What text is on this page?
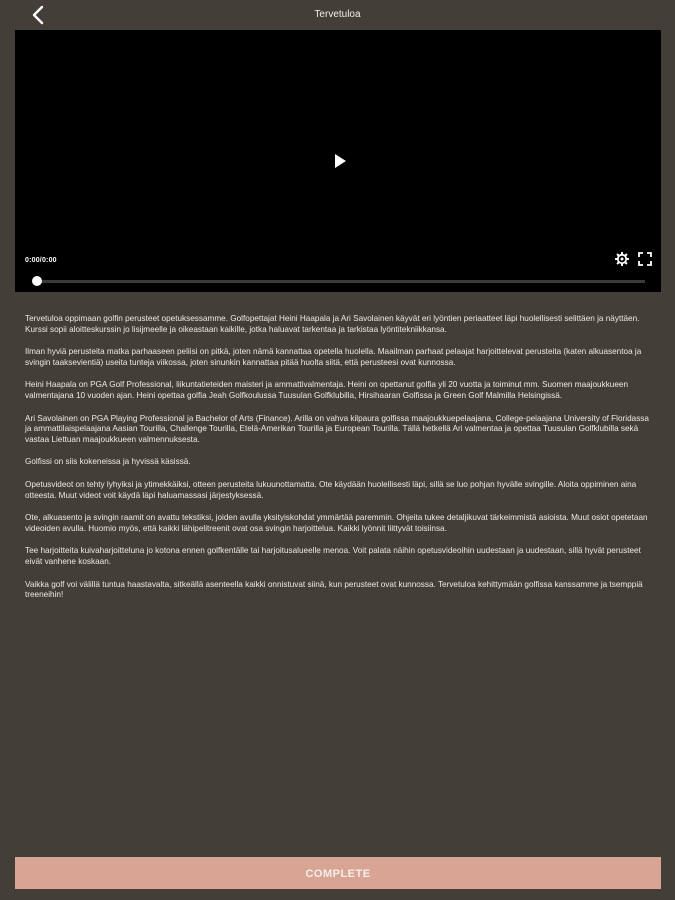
Tervetuloa
0:00/0:00

Tervetuloa oppimaan golfin perusteet opetuksessamme. Golfopettajat Heini Haapala ja Ari Savolainen käyvät eri lyöntien periaatteet läpi huolellisesti selittäen ja näyttäen. Kurssi sopii aloitteskurssin jo lisijmeelle ja oikeastaan kaikille, jotka haluavat tarkentaa ja tarkistaa lyöntitekniikkansa.

Ilman hyviä perusteita matka parhaaseen peliisi on pitkä, joten nämä kannattaa opetella huolella. Maailman parhaat pelaajat harjoittelevat perusteita (katen alkuasentoa ja svingin taaksevientiä) useita tunteja viikossa, joten sinunkin kannattaa pitää huolta siitä, että perusteesi ovat kunnossa.

Heini Haapala on PGA Golf Professional, liikuntatieteiden maisteri ja ammattivalmentaja. Heini on opettanut golfia yli 20 vuotta ja toiminut mm. Suomen maajoukkueen valmentajana 10 vuoden ajan. Heini opettaa golfia Jeah Golfkoulussa Tuusulan Golfklubilla, Hirsihaaran Golfissa ja Green Golf Malmilla Helsingissä.

Ari Savolainen on PGA Playing Professional ja Bachelor of Arts (Finance). Arilla on vahva kilpaura golfissa maajoukkuepelaajana, College-pelaajana University of Floridassa ja ammattilaispelaajana Aasian Tourilla, Challenge Tourilla, Etelä-Amerikan Tourilla ja European Tourilla. Tällä hetkellä Ari valmentaa ja opettaa Tuusulan Golfklubilla sekä vastaa Liettuan maajoukkueen valmennuksesta.

Golfissi on siis kokeneissa ja hyvissä käsissä.

Opetusvideot on tehty lyhyiksi ja ytimekkäiksi, otteen perusteita lukuunottamatta. Ote käydään huolellisesti läpi, sillä se luo pohjan hyvälle svingille. Aloita oppiminen aina otteesta. Muut videot voit käydä läpi haluamassasi järjestyksessä.

Ote, alkuasento ja svingin raamit on avattu tekstiksi, joiden avulla yksityiskohdat ymmärtää paremmin. Ohjeita tukee detaljikuvat tärkeimmistä asioista. Muut osiot opetetaan videoiden avulla. Huomio myös, että kaikki lähipelitreenit ovat osa svingin harjoittelua. Kaikki lyönnit liittyvät toisiinsa.

Tee harjoitteita kuivaharjoitteluna jo kotona ennen golfkentälle tai harjoitusalueelle menoa. Voit palata näihin opetusvideoihin uudestaan ja uudestaan, sillä hyvät perusteet eivät vanhene koskaan.

Vaikka golf voi välillä tuntua haastavalta, sitkeällä asenteella kaikki onnistuvat siinä, kun perusteet ovat kunnossa. Tervetuloa kehittymään golfissa kanssamme ja tsemppiä treeneihin!

COMPLETE
